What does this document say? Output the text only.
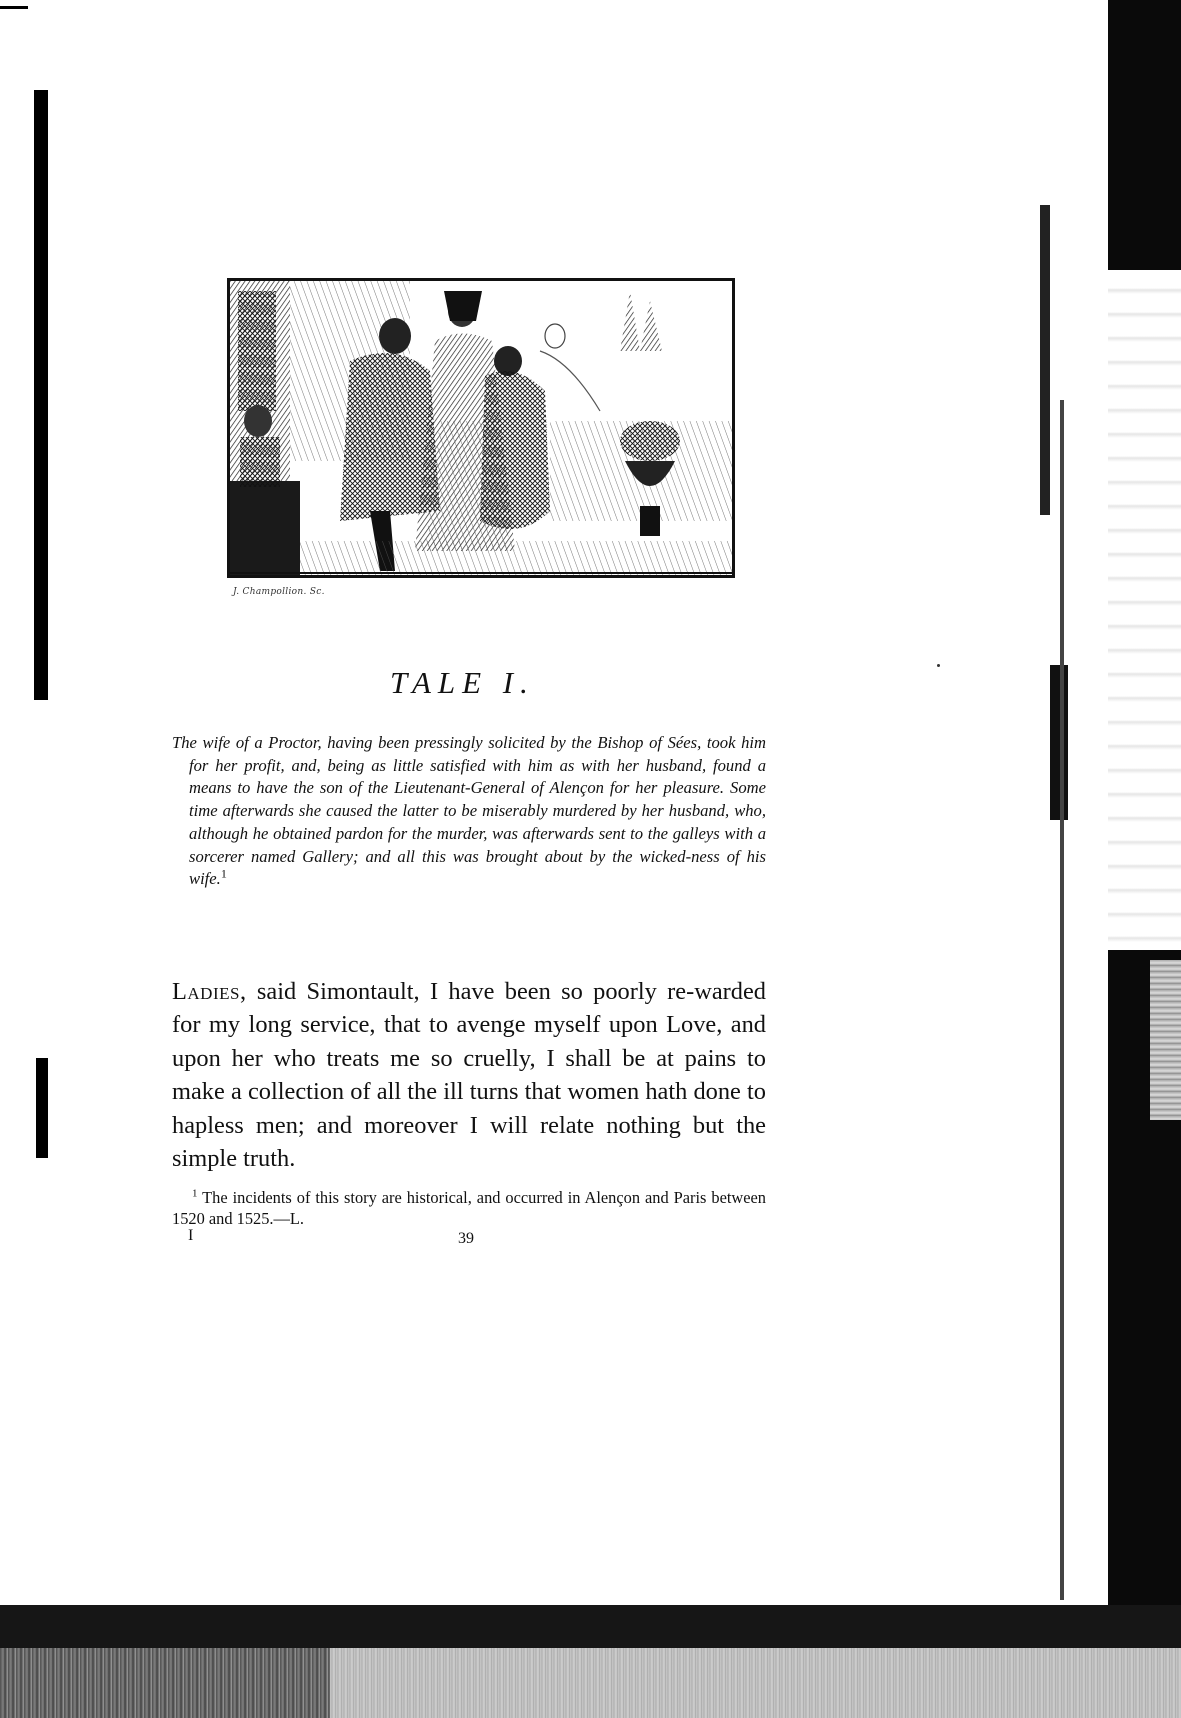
J. Champollion. Sc.
TALE I.

The wife of a Proctor, having been pressingly solicited by the Bishop of Sées, took him for her profit, and, being as little satisfied with him as with her husband, found a means to have the son of the Lieutenant-General of Alençon for her pleasure. Some time afterwards she caused the latter to be miserably murdered by her husband, who, although he obtained pardon for the murder, was afterwards sent to the galleys with a sorcerer named Gallery; and all this was brought about by the wicked-ness of his wife.$^1$

Ladies, said Simontault, I have been so poorly re-warded for my long service, that to avenge myself upon Love, and upon her who treats me so cruelly, I shall be at pains to make a collection of all the ill turns that women hath done to hapless men; and moreover I will relate nothing but the simple truth.

$^1$ The incidents of this story are historical, and occurred in Alençon and Paris between 1520 and 1525.—L.

I	39
